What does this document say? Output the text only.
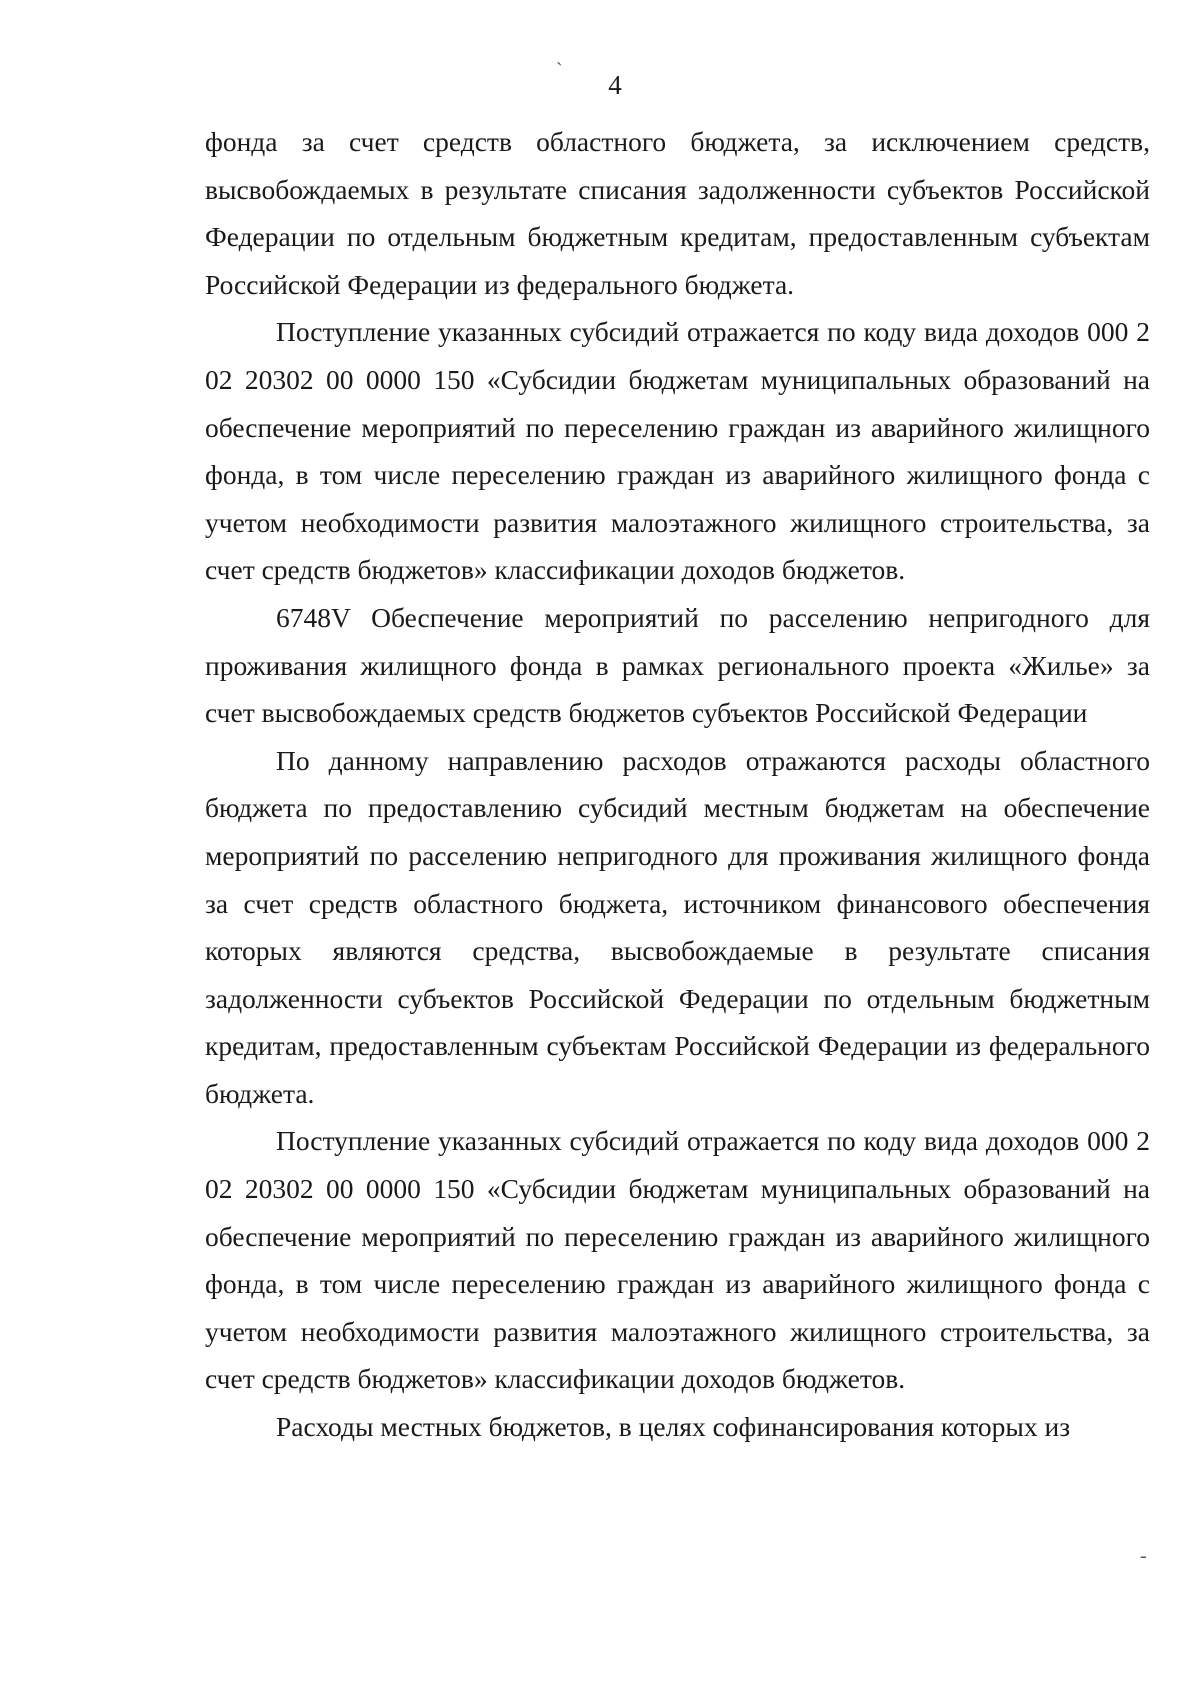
ˏ
-
4

фонда за счет средств областного бюджета, за исключением средств, высвобождаемых в результате списания задолженности субъектов Российской Федерации по отдельным бюджетным кредитам, предоставленным субъектам Российской Федерации из федерального бюджета.

Поступление указанных субсидий отражается по коду вида доходов 000 2 02 20302 00 0000 150 «Субсидии бюджетам муниципальных образований на обеспечение мероприятий по переселению граждан из аварийного жилищного фонда, в том числе переселению граждан из аварийного жилищного фонда с учетом необходимости развития малоэтажного жилищного строительства, за счет средств бюджетов» классификации доходов бюджетов.

6748V Обеспечение мероприятий по расселению непригодного для проживания жилищного фонда в рамках регионального проекта «Жилье» за счет высвобождаемых средств бюджетов субъектов Российской Федерации

По данному направлению расходов отражаются расходы областного бюджета по предоставлению субсидий местным бюджетам на обеспечение мероприятий по расселению непригодного для проживания жилищного фонда за счет средств областного бюджета, источником финансового обеспечения которых являются средства, высвобождаемые в результате списания задолженности субъектов Российской Федерации по отдельным бюджетным кредитам, предоставленным субъектам Российской Федерации из федерального бюджета.

Поступление указанных субсидий отражается по коду вида доходов 000 2 02 20302 00 0000 150 «Субсидии бюджетам муниципальных образований на обеспечение мероприятий по переселению граждан из аварийного жилищного фонда, в том числе переселению граждан из аварийного жилищного фонда с учетом необходимости развития малоэтажного жилищного строительства, за счет средств бюджетов» классификации доходов бюджетов.

Расходы местных бюджетов, в целях софинансирования которых из
